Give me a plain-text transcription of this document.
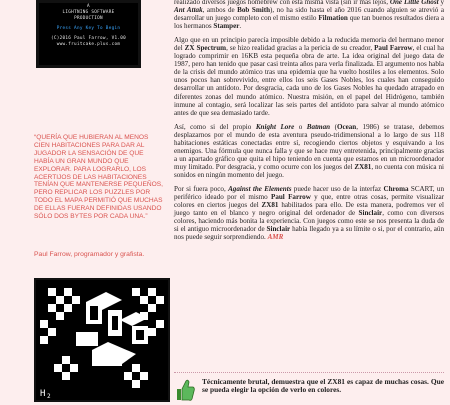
A
LIGHTNING SOFTWARE
PRODUCTION
Press Any Key To Begin
(C)2016 Paul Farrow, V1.00
www.fruitcake.plus.com

“QUERÍA QUE HUBIERAN AL MENOS CIEN HABITACIONES PARA DAR AL JUGADOR LA SENSACIÓN DE QUE HABÍA UN GRAN MUNDO QUE EXPLORAR. PARA LOGRARLO, LOS ACERTIJOS DE LAS HABITACIONES TENÍAN QUE MANTENERSE PEQUEÑOS, PERO REPLICAR LOS PUZZLES POR TODO EL MAPA PERMITIÓ QUE MUCHAS DE ELLAS FUERAN DEFINIDAS USANDO SÓLO DOS BYTES POR CADA UNA.”

Paul Farrow, programador y grafista.
H 2

realizado diversos juegos homebrew con esta misma vista (sin ir más lejos, One Little Ghost y Ant Attak, ambos de Bob Smith), no ha sido hasta el año 2016 cuando alguien se atrevió a desarrollar un juego completo con el mismo estilo Filmation que tan buenos resultados diera a los hermanos Stamper.

Algo que en un principio parecía imposible debido a la reducida memoria del hermano menor del ZX Spectrum, se hizo realidad gracias a la pericia de su creador, Paul Farrow, el cual ha logrado comprimir en 16KB esta pequeña obra de arte. La idea original del juego data de 1987, pero han tenido que pasar casi treinta años para verla finalizada. El argumento nos habla de la crisis del mundo atómico tras una epidemia que ha vuelto hostiles a los elementos. Solo unos pocos han sobrevivido, entre ellos los seis Gases Nobles, los cuales han conseguido desarrollar un antídoto. Por desgracia, cada uno de los Gases Nobles ha quedado atrapado en diferentes zonas del mundo atómico. Nuestra misión, en el papel del Hidrógeno, también inmune al contagio, será localizar las seis partes del antídoto para salvar al mundo atómico antes de que sea demasiado tarde.

Así, como si del propio Knight Lore o Batman (Ocean, 1986) se tratase, debemos desplazarnos por el mundo de esta aventura pseudo-tridimensional a lo largo de sus 118 habitaciones estáticas conectadas entre sí, recogiendo ciertos objetos y esquivando a los enemigos. Una fórmula que nunca falla y que se hace muy entretenida, principalmente gracias a un apartado gráfico que quita el hipo teniendo en cuenta que estamos en un microordenador muy limitado. Por desgracia, y como ocurre con los juegos del ZX81, no cuenta con música ni sonidos en ningún momento del juego.

Por si fuera poco, Against the Elements puede hacer uso de la interfaz Chroma SCART, un periférico ideado por el mismo Paul Farrow y que, entre otras cosas, permite visualizar colores en ciertos juegos del ZX81 habilitados para ello. De esta manera, podremos ver el juego tanto en el blanco y negro original del ordenador de Sinclair, como con diversos colores, haciendo más bonita la experiencia. Con juegos como este se nos presenta la duda de si el antiguo microordenador de Sinclair había llegado ya a su límite o si, por el contrario, aún nos puede seguir sorprendiendo. AMR

Técnicamente brutal, demuestra que el ZX81 es capaz de muchas cosas. Que se pueda elegir la opción de verlo en colores.
